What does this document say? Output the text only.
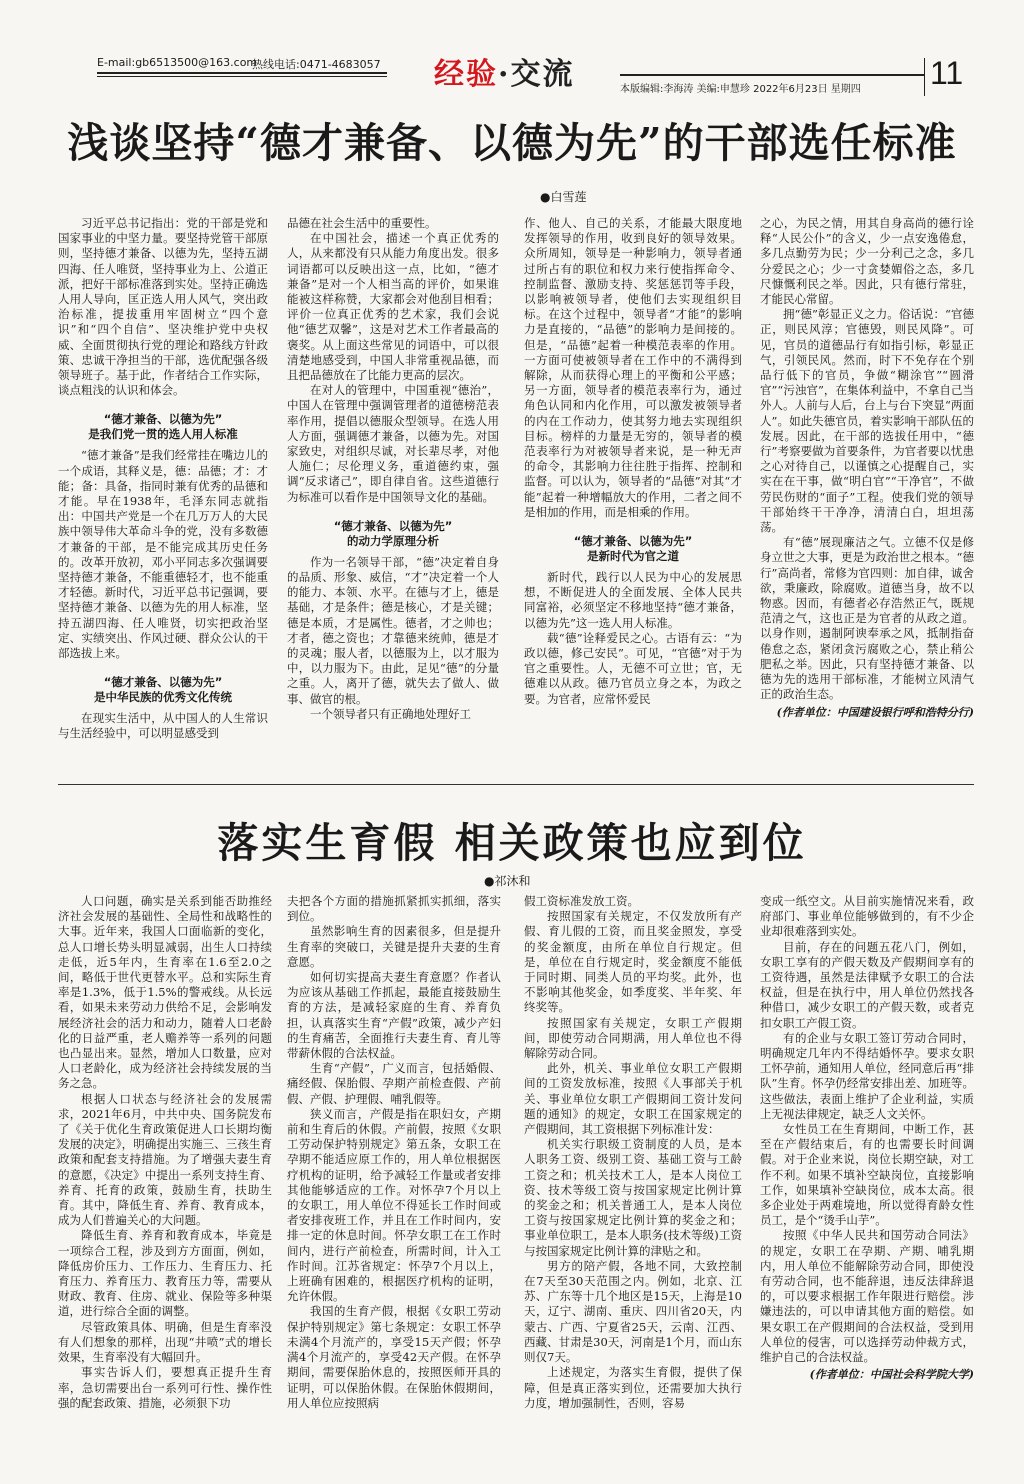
E-mail:gb6513500@163.com
热线电话:0471-4683057 经验·交流	本版编辑:李海涛 美编:申慧珍 2022年6月23日 星期四 11
浅谈坚持“德才兼备、以德为先”的干部选任标准
●白雪莲

习近平总书记指出：党的干部是党和国家事业的中坚力量。要坚持党管干部原则，坚持德才兼备、以德为先，坚持五湖四海、任人唯贤，坚持事业为上、公道正派，把好干部标准落到实处。坚持正确选人用人导向，匡正选人用人风气，突出政治标准，提拔重用牢固树立“四个意识”和“四个自信”、坚决维护党中央权威、全面贯彻执行党的理论和路线方针政策、忠诚干净担当的干部，选优配强各级领导班子。基于此，作者结合工作实际，谈点粗浅的认识和体会。

“德才兼备、以德为先”
是我们党一贯的选人用人标准

“德才兼备”是我们经常挂在嘴边儿的一个成语，其释义是，德：品德；才：才能；备：具备，指同时兼有优秀的品德和才能。早在1938年，毛泽东同志就指出：中国共产党是一个在几万万人的大民族中领导伟大革命斗争的党，没有多数德才兼备的干部，是不能完成其历史任务的。改革开放初，邓小平同志多次强调要坚持德才兼备，不能重德轻才，也不能重才轻德。新时代，习近平总书记强调，要坚持德才兼备、以德为先的用人标准，坚持五湖四海、任人唯贤，切实把政治坚定、实绩突出、作风过硬、群众公认的干部选拔上来。

“德才兼备、以德为先”
是中华民族的优秀文化传统

在现实生活中，从中国人的人生常识与生活经验中，可以明显感受到

品德在社会生活中的重要性。

在中国社会，描述一个真正优秀的人，从来都没有只从能力角度出发。很多词语都可以反映出这一点，比如，“德才兼备”是对一个人相当高的评价，如果谁能被这样称赞，大家都会对他刮目相看；评价一位真正优秀的艺术家，我们会说他“德艺双馨”，这是对艺术工作者最高的褒奖。从上面这些常见的词语中，可以很清楚地感受到，中国人非常重视品德，而且把品德放在了比能力更高的层次。

在对人的管理中，中国重视“德治”，中国人在管理中强调管理者的道德榜范表率作用，提倡以德服众型领导。在选人用人方面，强调德才兼备，以德为先。对国家致史，对组织尽诚，对长辈尽孝，对他人施仁；尽伦理义务，重道德约束，强调“反求诸己”，即自律自省。这些道德行为标准可以看作是中国领导文化的基础。

“德才兼备、以德为先”
的动力学原理分析

作为一名领导干部，“德”决定着自身的品质、形象、威信，“才”决定着一个人的能力、本领、水平。在德与才上，德是基础，才是条件；德是核心，才是关键；德是本质，才是属性。德者，才之帅也；才者，德之资也；才靠德来统帅，德是才的灵魂；服人者，以德服为上，以才服为中，以力服为下。由此，足见“德”的分量之重。人，离开了德，就失去了做人、做事、做官的根。

一个领导者只有正确地处理好工

作、他人、自己的关系，才能最大限度地发挥领导的作用，收到良好的领导效果。众所周知，领导是一种影响力，领导者通过所占有的职位和权力来行使指挥命令、控制监督、激励支持、奖惩惩罚等手段，以影响被领导者，使他们去实现组织目标。在这个过程中，领导者“才能”的影响力是直接的，“品德”的影响力是间接的。但是，“品德”起着一种模范表率的作用。一方面可使被领导者在工作中的不满得到解除，从而获得心理上的平衡和公平感；另一方面，领导者的模范表率行为，通过角色认同和内化作用，可以激发被领导者的内在工作动力，使其努力地去实现组织目标。榜样的力量是无穷的，领导者的模范表率行为对被领导者来说，是一种无声的命令，其影响力往往胜于指挥、控制和监督。可以认为，领导者的“品德”对其“才能”起着一种增幅放大的作用，二者之间不是相加的作用，而是相乘的作用。

“德才兼备、以德为先”
是新时代为官之道

新时代，践行以人民为中心的发展思想，不断促进人的全面发展、全体人民共同富裕，必须坚定不移地坚持“德才兼备，以德为先”这一选人用人标准。

载“德”诠释爱民之心。古语有云：“为政以德，修己安民”。可见，“官德”对于为官之重要性。人，无德不可立世；官，无德难以从政。德乃官员立身之本，为政之要。为官者，应常怀爱民

之心，为民之情，用其自身高尚的德行诠释“人民公仆”的含义，少一点安逸倦怠，多几点勤劳为民；少一分利己之念，多几分爱民之心；少一寸贪婪媚俗之态，多几尺慷慨利民之举。因此，只有德行常驻，才能民心常留。

拥“德”彰显正义之力。俗话说：“官德正，则民风淳；官德毁，则民风降”。可见，官员的道德品行有如指引标，彰显正气，引领民风。然而，时下不免存在个别品行低下的官员，争做“糊涂官”“圆滑官”“污浊官”，在集体利益中，不拿自己当外人。人前与人后，台上与台下突显“两面人”。如此失德官员，着实影响干部队伍的发展。因此，在干部的选拔任用中，“德行”考察要做为首要条件，为官者要以忧患之心对待自己，以谨慎之心提醒自己，实实在在干事，做“明白官”“干净官”，不做劳民伤财的“面子”工程。使我们党的领导干部始终干干净净，清清白白，坦坦荡荡。

有“德”展现廉洁之气。立德不仅是修身立世之大事，更是为政治世之根本。“德行”高尚者，常修为官四则：加自律，诚舍欲，秉廉政，除腐败。道德当身，故不以物惑。因而，有德者必存浩然正气，既规范清之气，这也正是为官者的从政之道。以身作则，遏制阿谀奉承之风，抵制指奋倦怠之态，紧闭贪污腐败之心，禁止稍公肥私之举。因此，只有坚持德才兼备、以德为先的选用干部标准，才能树立风清气正的政治生态。

(作者单位：中国建设银行呼和浩特分行)

落实生育假 相关政策也应到位
●祁沐和

人口问题，确实是关系到能否助推经济社会发展的基础性、全局性和战略性的大事。近年来，我国人口面临新的变化，总人口增长势头明显减弱，出生人口持续走低，近5年内，生育率在1.6至2.0之间，略低于世代更替水平。总和实际生育率是1.3%，低于1.5%的警戒线。从长远看，如果未来劳动力供给不足，会影响发展经济社会的活力和动力，随着人口老龄化的日益严重，老人赡养等一系列的问题也凸显出来。显然，增加人口数量，应对人口老龄化，成为经济社会持续发展的当务之急。

根据人口状态与经济社会的发展需求，2021年6月，中共中央、国务院发布了《关于优化生育政策促进人口长期均衡发展的决定》，明确提出实施三、三孩生育政策和配套支持措施。为了增强夫妻生育的意愿，《决定》中提出一系列支持生育、养育、托育的政策，鼓励生育，扶助生育。其中，降低生育、养育、教育成本，成为人们普遍关心的大问题。

降低生育、养育和教育成本，毕竟是一项综合工程，涉及到方方面面，例如，降低房价压力、工作压力、生育压力、托育压力、养育压力、教育压力等，需要从财政、教育、住房、就业、保险等多种渠道，进行综合全面的调整。

尽管政策具体、明确，但是生育率没有人们想象的那样，出现“井喷”式的增长效果，生育率没有大幅回升。

事实告诉人们，要想真正提升生育率，急切需要出台一系列可行性、操作性强的配套政策、措施，必须狠下功

夫把各个方面的措施抓紧抓实抓细，落实到位。

虽然影响生育的因素很多，但是提升生育率的突破口，关键是提升夫妻的生育意愿。

如何切实提高夫妻生育意愿？作者认为应该从基础工作抓起，最能直接鼓励生育的方法，是减轻家庭的生育、养育负担，认真落实生育“产假”政策，减少产妇的生育痛苦，全面推行夫妻生育、育儿等带薪休假的合法权益。

生育“产假”，广义而言，包括婚假、痛经假、保胎假、孕期产前检查假、产前假、产假、护理假、哺乳假等。

狭义而言，产假是指在职妇女，产期前和生育后的休假。产前假，按照《女职工劳动保护特别规定》第五条，女职工在孕期不能适应原工作的，用人单位根据医疗机构的证明，给予减轻工作量或者安排其他能够适应的工作。对怀孕7个月以上的女职工，用人单位不得延长工作时间或者安排夜班工作，并且在工作时间内，安排一定的休息时间。怀孕女职工在工作时间内，进行产前检查，所需时间，计入工作时间。江苏省规定：怀孕7个月以上，上班确有困难的，根据医疗机构的证明，允许休假。

我国的生育产假，根据《女职工劳动保护特别规定》第七条规定：女职工怀孕未满4个月流产的，享受15天产假；怀孕满4个月流产的，享受42天产假。在怀孕期间，需要保胎休息的，按照医师开具的证明，可以保胎休假。在保胎休假期间，用人单位应按照病

假工资标准发放工资。

按照国家有关规定，不仅发放所有产假、育儿假的工资，而且奖金照发，享受的奖金额度，由所在单位自行规定。但是，单位在自行规定时，奖金额度不能低于同时期、同类人员的平均奖。此外，也不影响其他奖金，如季度奖、半年奖、年终奖等。

按照国家有关规定，女职工产假期间，即使劳动合同期满，用人单位也不得解除劳动合同。

此外，机关、事业单位女职工产假期间的工资发放标准，按照《人事部关于机关、事业单位女职工产假期间工资计发问题的通知》的规定，女职工在国家规定的产假期间，其工资根据下列标准计发：

机关实行职级工资制度的人员，是本人职务工资、级别工资、基础工资与工龄工资之和；机关技术工人，是本人岗位工资、技术等级工资与按国家规定比例计算的奖金之和；机关普通工人，是本人岗位工资与按国家规定比例计算的奖金之和；事业单位职工，是本人职务(技术等级)工资与按国家规定比例计算的津贴之和。

男方的陪产假，各地不同，大致控制在7天至30天范围之内。例如，北京、江苏、广东等十几个地区是15天，上海是10天，辽宁、湖南、重庆、四川省20天，内蒙古、广西、宁夏省25天，云南、江西、西藏、甘肃是30天，河南是1个月，而山东则仅7天。

上述规定，为落实生育假，提供了保障，但是真正落实到位，还需要加大执行力度，增加强制性，否则，容易

变成一纸空文。从目前实施情况来看，政府部门、事业单位能够做到的，有不少企业却很难落到实处。

目前，存在的问题五花八门，例如，女职工享有的产假天数及产假期间享有的工资待遇，虽然是法律赋予女职工的合法权益，但是在执行中，用人单位仍然找各种借口，减少女职工的产假天数，或者克扣女职工产假工资。

有的企业与女职工签订劳动合同时，明确规定几年内不得结婚怀孕。要求女职工怀孕前，通知用人单位，经同意后再“排队”生育。怀孕仍经常安排出差、加班等。这些做法，表面上维护了企业利益，实质上无视法律规定，缺乏人文关怀。

女性员工在生育期间，中断工作，甚至在产假结束后，有的也需要长时间调假。对于企业来说，岗位长期空缺，对工作不利。如果不填补空缺岗位，直接影响工作，如果填补空缺岗位，成本太高。很多企业处于两难境地，所以觉得育龄女性员工，是个“烫手山芋”。

按照《中华人民共和国劳动合同法》的规定，女职工在孕期、产期、哺乳期内，用人单位不能解除劳动合同，即使没有劳动合同，也不能辞退，违反法律辞退的，可以要求根据工作年限进行赔偿。涉嫌违法的，可以申请其他方面的赔偿。如果女职工在产假期间的合法权益，受到用人单位的侵害，可以选择劳动仲裁方式，维护自己的合法权益。

(作者单位：中国社会科学院大学)
